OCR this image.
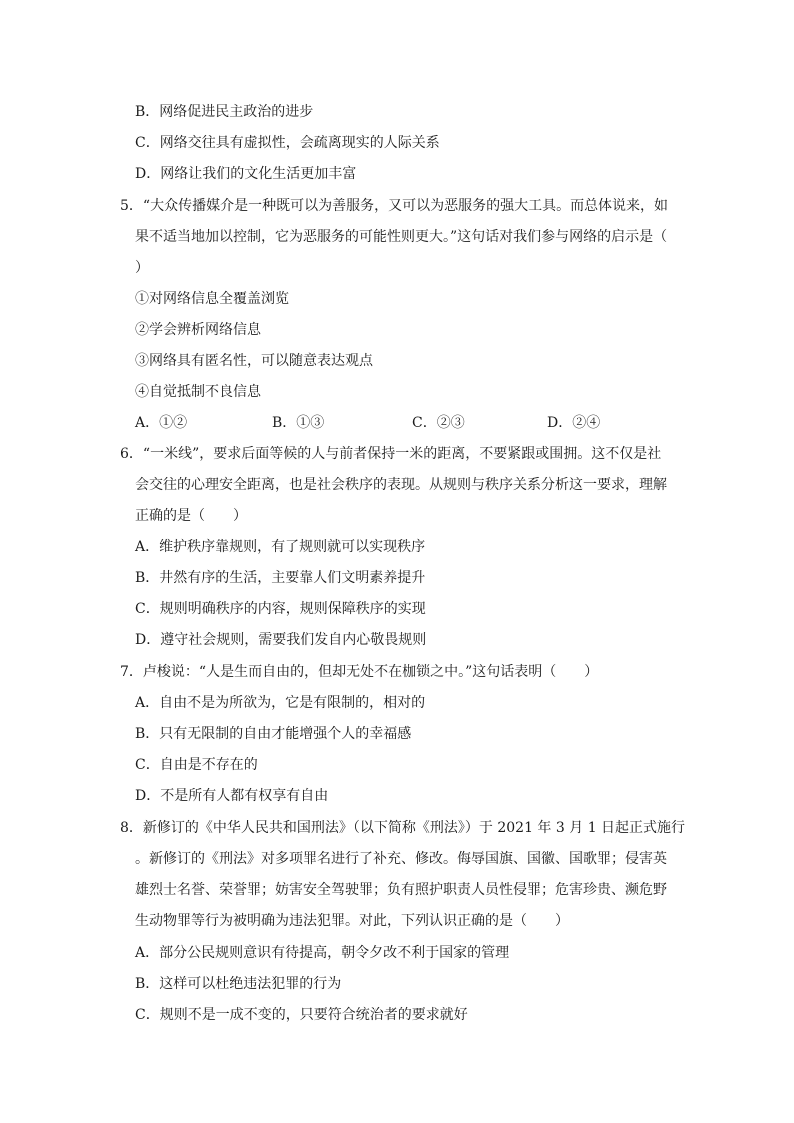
B．网络促进民主政治的进步
C．网络交往具有虚拟性，会疏离现实的人际关系
D．网络让我们的文化生活更加丰富
5．“大众传播媒介是一种既可以为善服务，又可以为恶服务的强大工具。而总体说来，如
果不适当地加以控制，它为恶服务的可能性则更大。”这句话对我们参与网络的启示是（
）
①对网络信息全覆盖浏览
②学会辨析网络信息
③网络具有匿名性，可以随意表达观点
④自觉抵制不良信息
A．①②	B．①③	C．②③	D．②④
6．“一米线”，要求后面等候的人与前者保持一米的距离，不要紧跟或围拥。这不仅是社
会交往的心理安全距离，也是社会秩序的表现。从规则与秩序关系分析这一要求，理解
正确的是（　　）
A．维护秩序靠规则，有了规则就可以实现秩序
B．井然有序的生活，主要靠人们文明素养提升
C．规则明确秩序的内容，规则保障秩序的实现
D．遵守社会规则，需要我们发自内心敬畏规则
7．卢梭说：“人是生而自由的，但却无处不在枷锁之中。”这句话表明（　　）
A．自由不是为所欲为，它是有限制的，相对的
B．只有无限制的自由才能增强个人的幸福感
C．自由是不存在的
D．不是所有人都有权享有自由
8．新修订的《中华人民共和国刑法》（以下简称《刑法》）于 2021 年 3 月 1 日起正式施行
。新修订的《刑法》对多项罪名进行了补充、修改。侮辱国旗、国徽、国歌罪；侵害英
雄烈士名誉、荣誉罪；妨害安全驾驶罪；负有照护职责人员性侵罪；危害珍贵、濒危野
生动物罪等行为被明确为违法犯罪。对此，下列认识正确的是（　　）
A．部分公民规则意识有待提高，朝令夕改不利于国家的管理
B．这样可以杜绝违法犯罪的行为
C．规则不是一成不变的，只要符合统治者的要求就好
